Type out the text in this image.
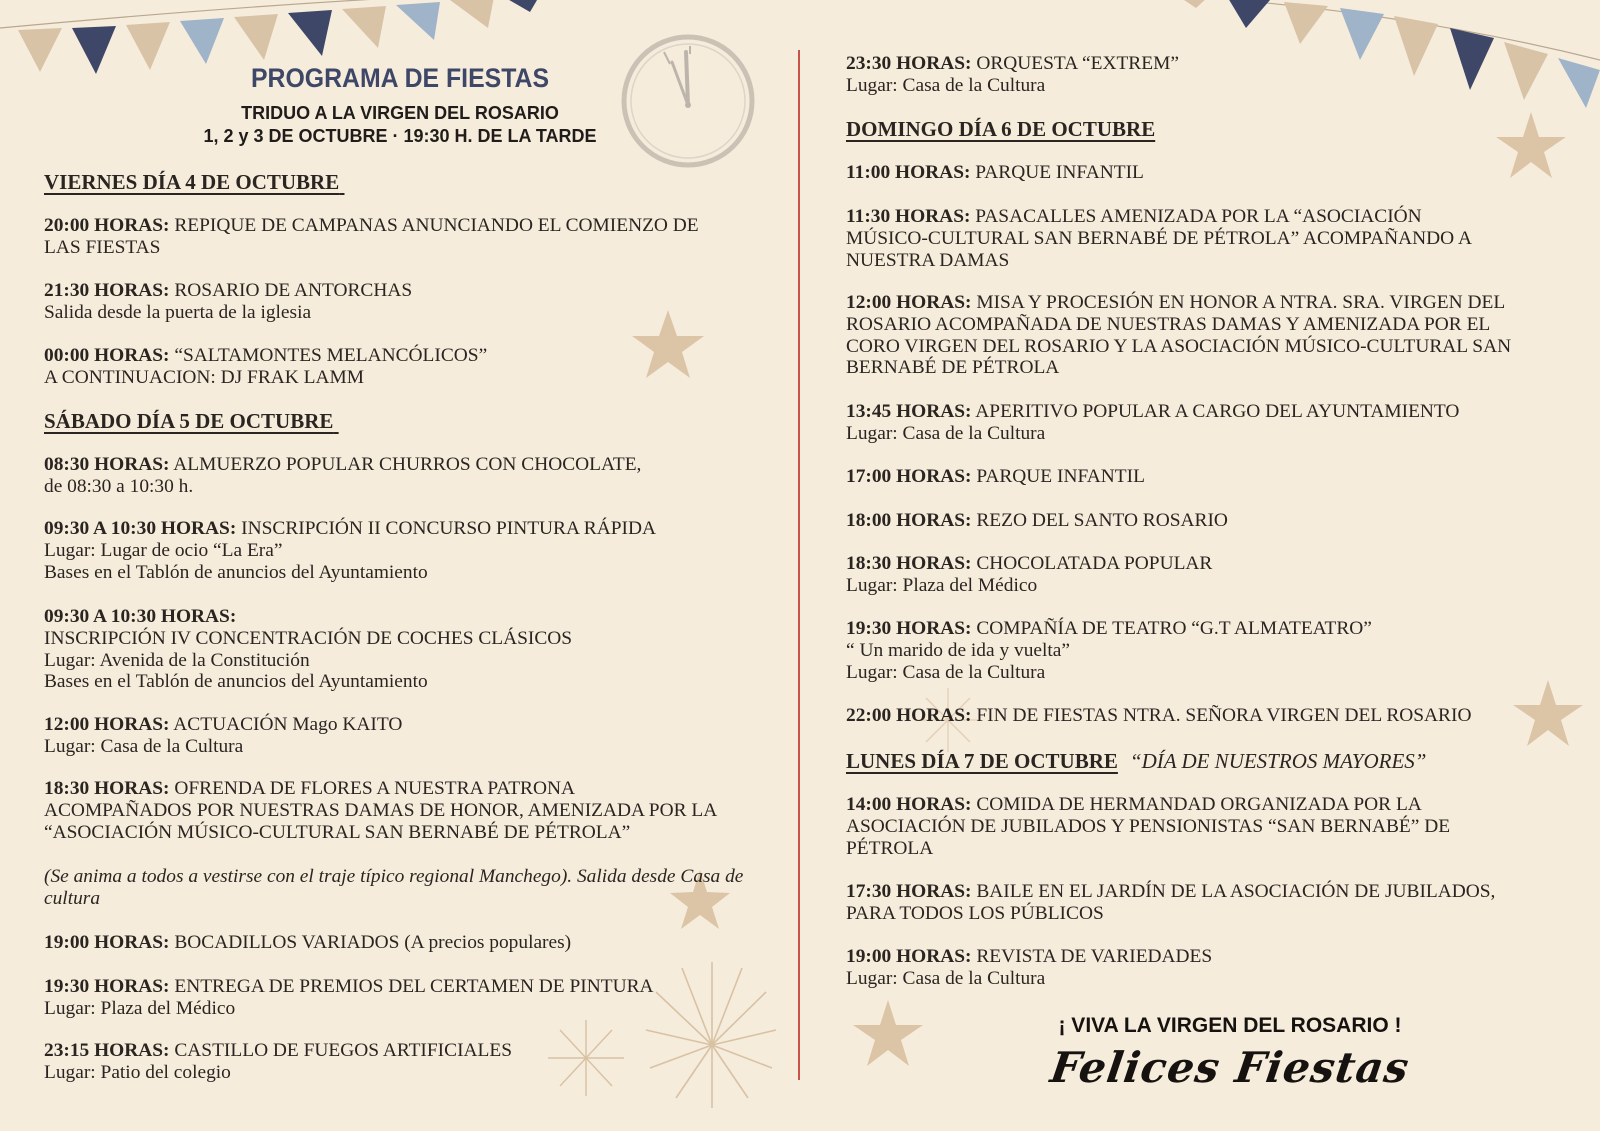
PROGRAMA DE FIESTAS
TRIDUO A LA VIRGEN DEL ROSARIO
1, 2 y 3 DE OCTUBRE · 19:30 H. DE LA TARDE
VIERNES DÍA 4 DE OCTUBRE
20:00 HORAS: REPIQUE DE CAMPANAS ANUNCIANDO EL COMIENZO DE
LAS FIESTAS
21:30 HORAS: ROSARIO DE ANTORCHAS
Salida desde la puerta de la iglesia
00:00 HORAS: “SALTAMONTES MELANCÓLICOS”
A CONTINUACION: DJ FRAK LAMM
SÁBADO DÍA 5 DE OCTUBRE
08:30 HORAS: ALMUERZO POPULAR CHURROS CON CHOCOLATE,
de 08:30 a 10:30 h.
09:30 A 10:30 HORAS: INSCRIPCIÓN II CONCURSO PINTURA RÁPIDA
Lugar: Lugar de ocio “La Era”
Bases en el Tablón de anuncios del Ayuntamiento
09:30 A 10:30 HORAS:
INSCRIPCIÓN IV CONCENTRACIÓN DE COCHES CLÁSICOS
Lugar: Avenida de la Constitución
Bases en el Tablón de anuncios del Ayuntamiento
12:00 HORAS: ACTUACIÓN Mago KAITO
Lugar: Casa de la Cultura
18:30 HORAS: OFRENDA DE FLORES A NUESTRA PATRONA
ACOMPAÑADOS POR NUESTRAS DAMAS DE HONOR, AMENIZADA POR LA
“ASOCIACIÓN MÚSICO-CULTURAL SAN BERNABÉ DE PÉTROLA”
(Se anima a todos a vestirse con el traje típico regional Manchego). Salida desde Casa de cultura
19:00 HORAS: BOCADILLOS VARIADOS (A precios populares)
19:30 HORAS: ENTREGA DE PREMIOS DEL CERTAMEN DE PINTURA
Lugar: Plaza del Médico
23:15 HORAS: CASTILLO DE FUEGOS ARTIFICIALES
Lugar: Patio del colegio
23:30 HORAS: ORQUESTA “EXTREM”
Lugar: Casa de la Cultura
DOMINGO DÍA 6 DE OCTUBRE
11:00 HORAS: PARQUE INFANTIL
11:30 HORAS: PASACALLES AMENIZADA POR LA “ASOCIACIÓN
MÚSICO-CULTURAL SAN BERNABÉ DE PÉTROLA” ACOMPAÑANDO A
NUESTRA DAMAS
12:00 HORAS: MISA Y PROCESIÓN EN HONOR A NTRA. SRA. VIRGEN DEL
ROSARIO ACOMPAÑADA DE NUESTRAS DAMAS Y AMENIZADA POR EL
CORO VIRGEN DEL ROSARIO Y LA ASOCIACIÓN MÚSICO-CULTURAL SAN
BERNABÉ DE PÉTROLA
13:45 HORAS: APERITIVO POPULAR A CARGO DEL AYUNTAMIENTO
Lugar: Casa de la Cultura
17:00 HORAS: PARQUE INFANTIL
18:00 HORAS: REZO DEL SANTO ROSARIO
18:30 HORAS: CHOCOLATADA POPULAR
Lugar: Plaza del Médico
19:30 HORAS: COMPAÑÍA DE TEATRO “G.T ALMATEATRO”
“ Un marido de ida y vuelta”
Lugar: Casa de la Cultura
22:00 HORAS: FIN DE FIESTAS NTRA. SEÑORA VIRGEN DEL ROSARIO
LUNES DÍA 7 DE OCTUBRE “DÍA DE NUESTROS MAYORES”
14:00 HORAS: COMIDA DE HERMANDAD ORGANIZADA POR LA
ASOCIACIÓN DE JUBILADOS Y PENSIONISTAS “SAN BERNABÉ” DE
PÉTROLA
17:30 HORAS: BAILE EN EL JARDÍN DE LA ASOCIACIÓN DE JUBILADOS,
PARA TODOS LOS PÚBLICOS
19:00 HORAS: REVISTA DE VARIEDADES
Lugar: Casa de la Cultura
¡ VIVA LA VIRGEN DEL ROSARIO !
Felices Fiestas
